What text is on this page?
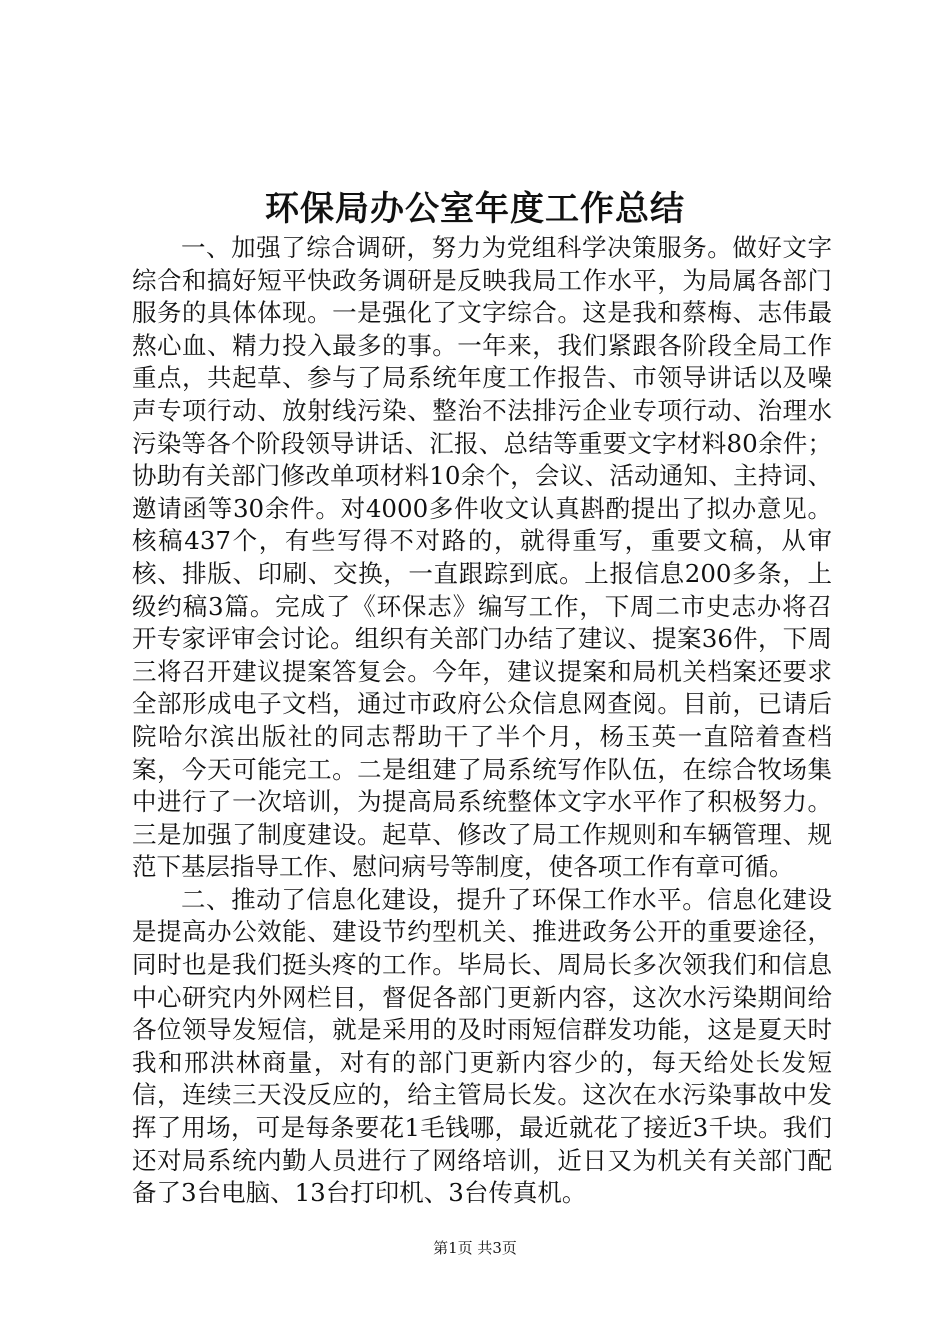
环保局办公室年度工作总结

一、加强了综合调研，努力为党组科学决策服务。做好文字综合和搞好短平快政务调研是反映我局工作水平，为局属各部门服务的具体体现。一是强化了文字综合。这是我和蔡梅、志伟最熬心血、精力投入最多的事。一年来，我们紧跟各阶段全局工作重点，共起草、参与了局系统年度工作报告、市领导讲话以及噪声专项行动、放射线污染、整治不法排污企业专项行动、治理水污染等各个阶段领导讲话、汇报、总结等重要文字材料80余件；协助有关部门修改单项材料10余个，会议、活动通知、主持词、邀请函等30余件。对4000多件收文认真斟酌提出了拟办意见。核稿437个，有些写得不对路的，就得重写，重要文稿，从审核、排版、印刷、交换，一直跟踪到底。上报信息200多条，上级约稿3篇。完成了《环保志》编写工作，下周二市史志办将召开专家评审会讨论。组织有关部门办结了建议、提案36件，下周三将召开建议提案答复会。今年，建议提案和局机关档案还要求全部形成电子文档，通过市政府公众信息网查阅。目前，已请后院哈尔滨出版社的同志帮助干了半个月，杨玉英一直陪着查档案，今天可能完工。二是组建了局系统写作队伍，在综合牧场集中进行了一次培训，为提高局系统整体文字水平作了积极努力。三是加强了制度建设。起草、修改了局工作规则和车辆管理、规范下基层指导工作、慰问病号等制度，使各项工作有章可循。

二、推动了信息化建设，提升了环保工作水平。信息化建设是提高办公效能、建设节约型机关、推进政务公开的重要途径，同时也是我们挺头疼的工作。毕局长、周局长多次领我们和信息中心研究内外网栏目，督促各部门更新内容，这次水污染期间给各位领导发短信，就是采用的及时雨短信群发功能，这是夏天时我和邢洪林商量，对有的部门更新内容少的，每天给处长发短信，连续三天没反应的，给主管局长发。这次在水污染事故中发挥了用场，可是每条要花1毛钱哪，最近就花了接近3千块。我们还对局系统内勤人员进行了网络培训，近日又为机关有关部门配备了3台电脑、13台打印机、3台传真机。

第1页 共3页
